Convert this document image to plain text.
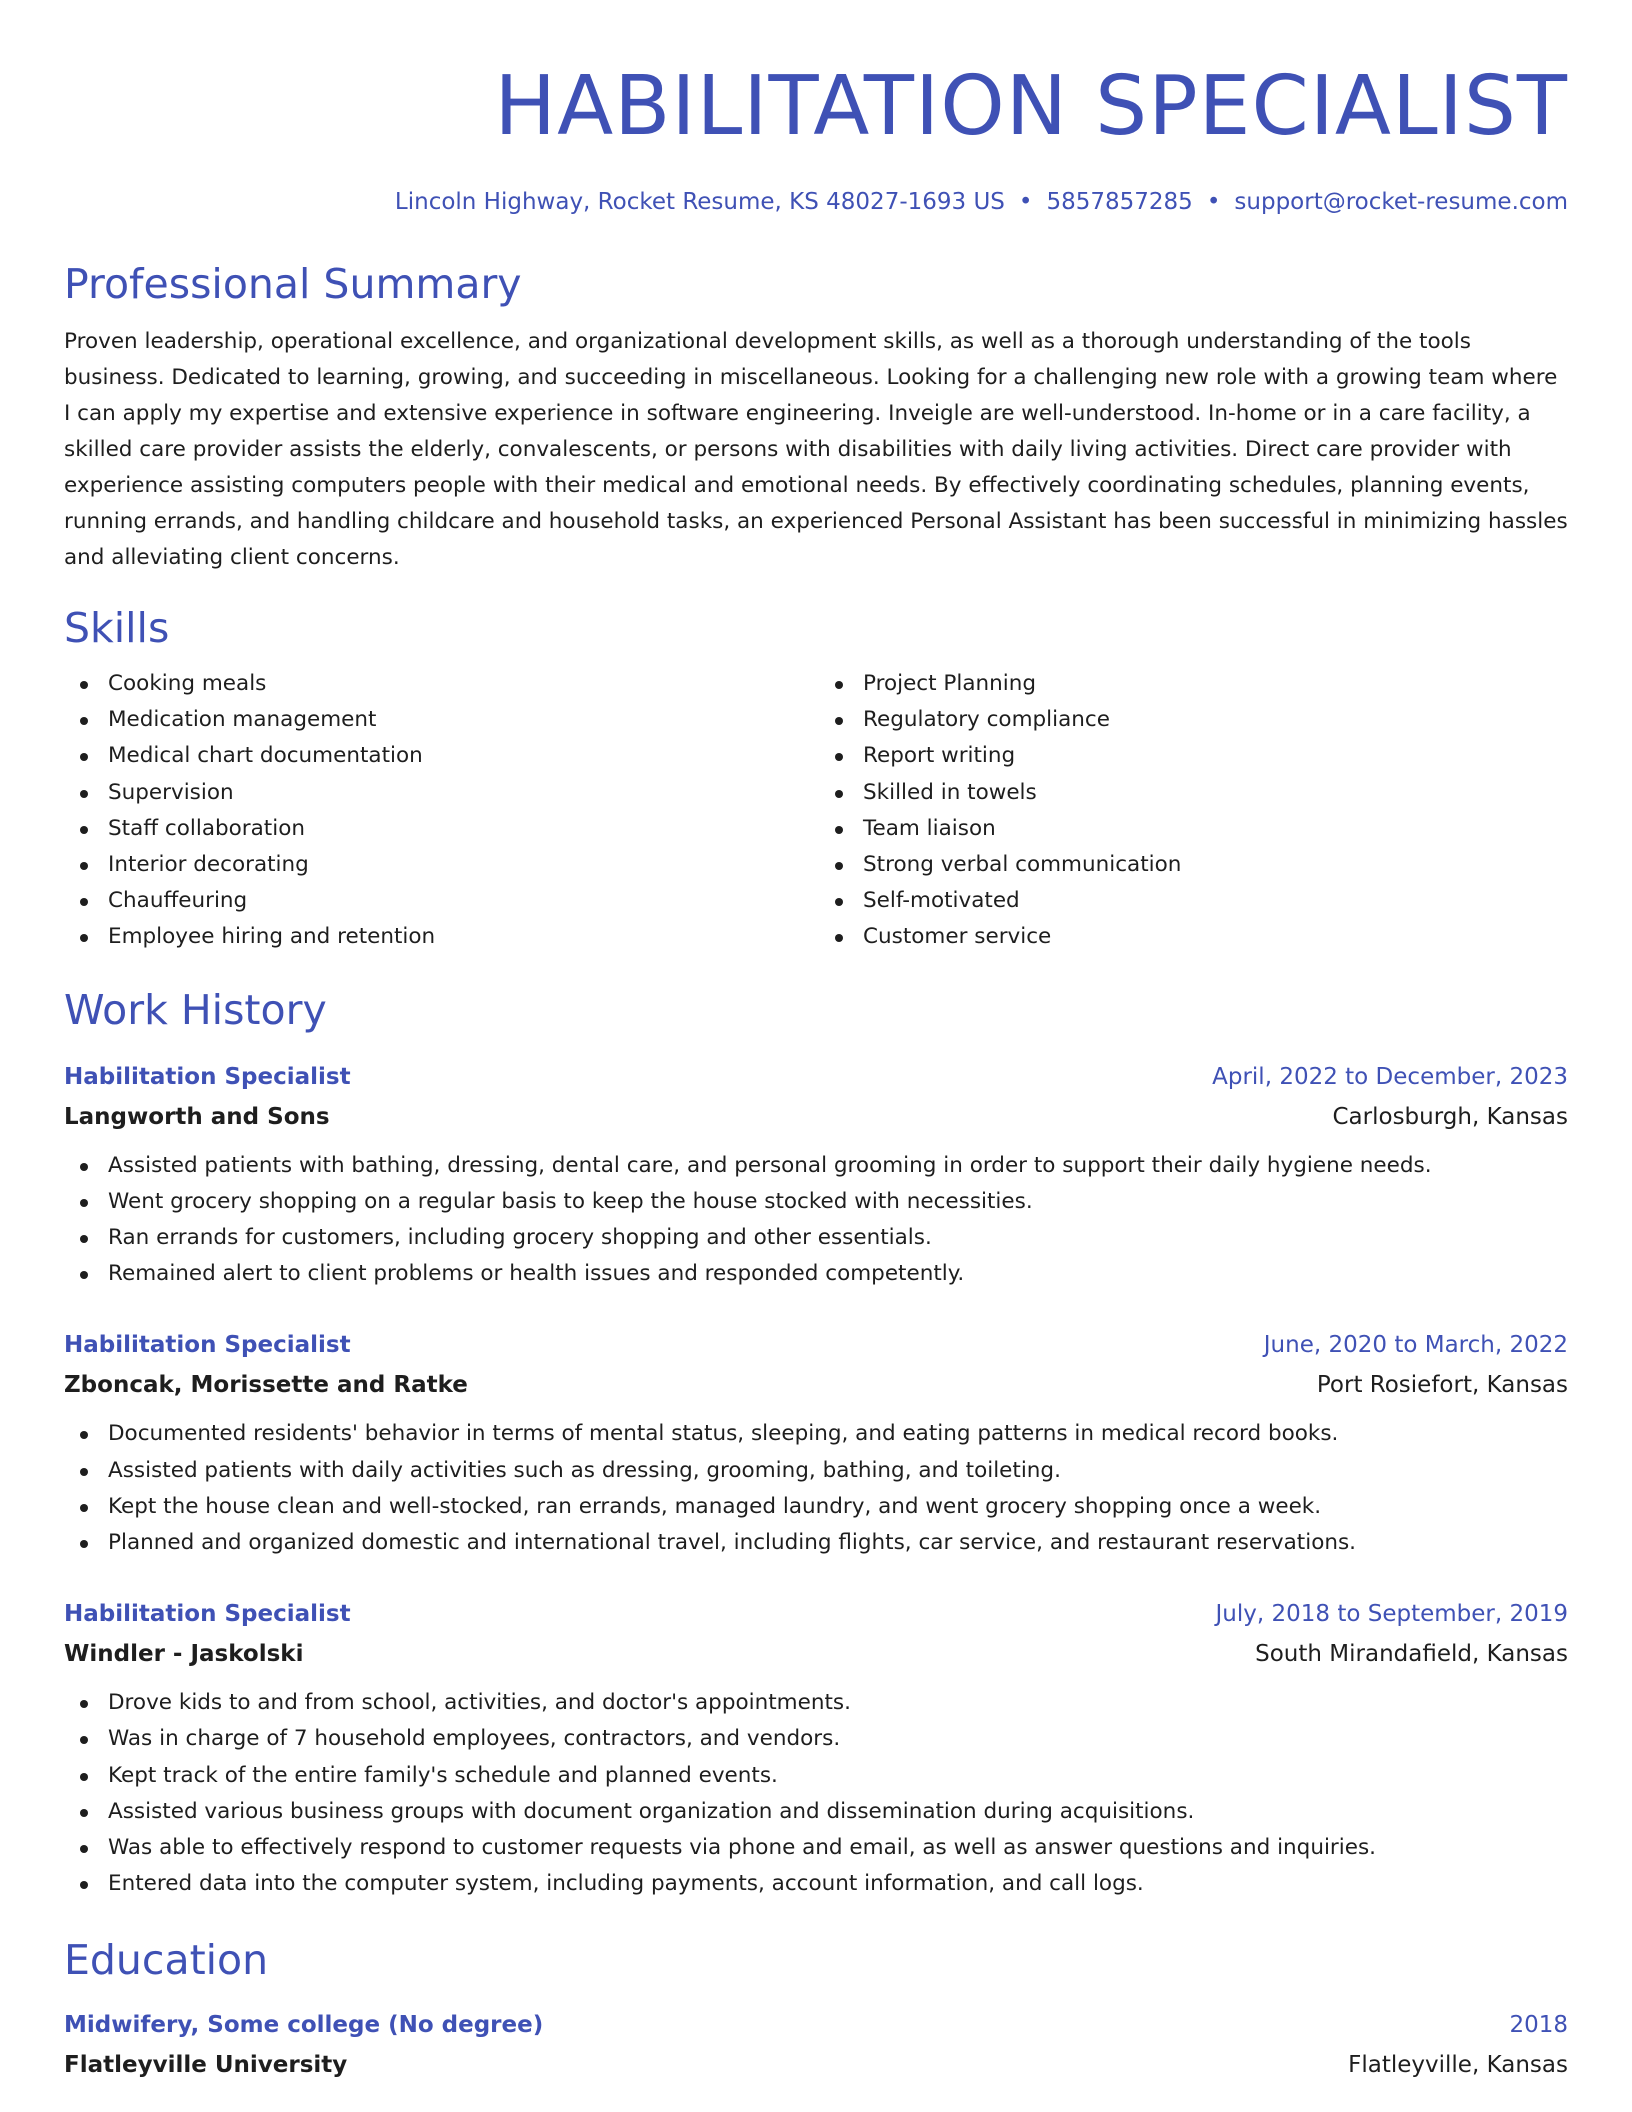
HABILITATION SPECIALIST
Lincoln Highway, Rocket Resume, KS 48027-1693 US • 5857857285 • support@rocket-resume.com
Professional Summary

Proven leadership, operational excellence, and organizational development skills, as well as a thorough understanding of the tools business. Dedicated to learning, growing, and succeeding in miscellaneous. Looking for a challenging new role with a growing team where I can apply my expertise and extensive experience in software engineering. Inveigle are well-understood. In-home or in a care facility, a skilled care provider assists the elderly, convalescents, or persons with disabilities with daily living activities. Direct care provider with experience assisting computers people with their medical and emotional needs. By effectively coordinating schedules, planning events, running errands, and handling childcare and household tasks, an experienced Personal Assistant has been successful in minimizing hassles and alleviating client concerns.

Skills
Cooking meals
Medication management
Medical chart documentation
Supervision
Staff collaboration
Interior decorating
Chauffeuring
Employee hiring and retention
Project Planning
Regulatory compliance
Report writing
Skilled in towels
Team liaison
Strong verbal communication
Self-motivated
Customer service
Work History
Habilitation Specialist	April, 2022 to December, 2023
Langworth and Sons	Carlosburgh, Kansas
Assisted patients with bathing, dressing, dental care, and personal grooming in order to support their daily hygiene needs.
Went grocery shopping on a regular basis to keep the house stocked with necessities.
Ran errands for customers, including grocery shopping and other essentials.
Remained alert to client problems or health issues and responded competently.
Habilitation Specialist	June, 2020 to March, 2022
Zboncak, Morissette and Ratke	Port Rosiefort, Kansas
Documented residents' behavior in terms of mental status, sleeping, and eating patterns in medical record books.
Assisted patients with daily activities such as dressing, grooming, bathing, and toileting.
Kept the house clean and well-stocked, ran errands, managed laundry, and went grocery shopping once a week.
Planned and organized domestic and international travel, including flights, car service, and restaurant reservations.
Habilitation Specialist	July, 2018 to September, 2019
Windler - Jaskolski	South Mirandafield, Kansas
Drove kids to and from school, activities, and doctor's appointments.
Was in charge of 7 household employees, contractors, and vendors.
Kept track of the entire family's schedule and planned events.
Assisted various business groups with document organization and dissemination during acquisitions.
Was able to effectively respond to customer requests via phone and email, as well as answer questions and inquiries.
Entered data into the computer system, including payments, account information, and call logs.
Education
Midwifery, Some college (No degree)	2018
Flatleyville University	Flatleyville, Kansas
